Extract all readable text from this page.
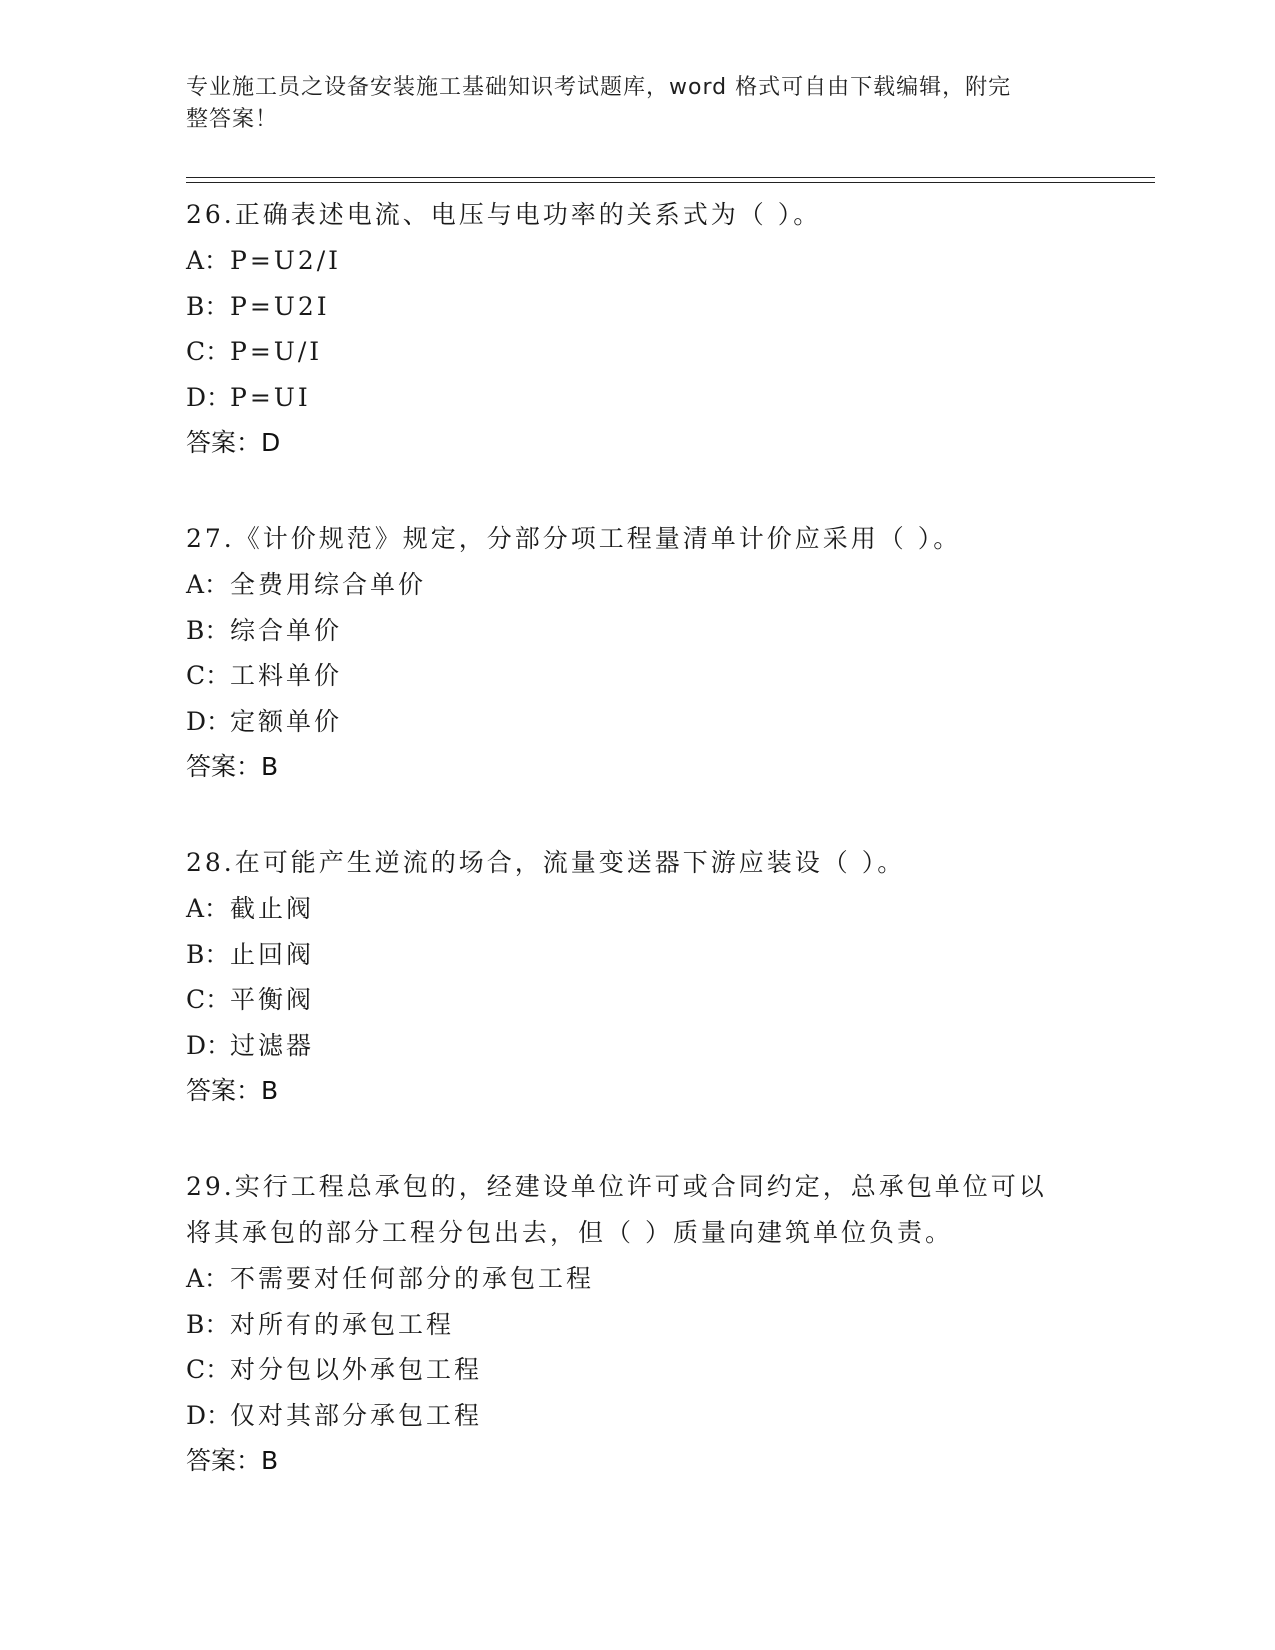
专业施工员之设备安装施工基础知识考试题库，word 格式可自由下载编辑，附完
整答案！
26.正确表述电流、电压与电功率的关系式为（ ）。
A：P=U2/I
B：P=U2I
C：P=U/I
D：P=UI
答案：D
27.《计价规范》规定，分部分项工程量清单计价应采用（ ）。
A：全费用综合单价
B：综合单价
C：工料单价
D：定额单价
答案：B
28.在可能产生逆流的场合，流量变送器下游应装设（ ）。
A：截止阀
B：止回阀
C：平衡阀
D：过滤器
答案：B
29.实行工程总承包的，经建设单位许可或合同约定，总承包单位可以
将其承包的部分工程分包出去，但（ ）质量向建筑单位负责。
A：不需要对任何部分的承包工程
B：对所有的承包工程
C：对分包以外承包工程
D：仅对其部分承包工程
答案：B
